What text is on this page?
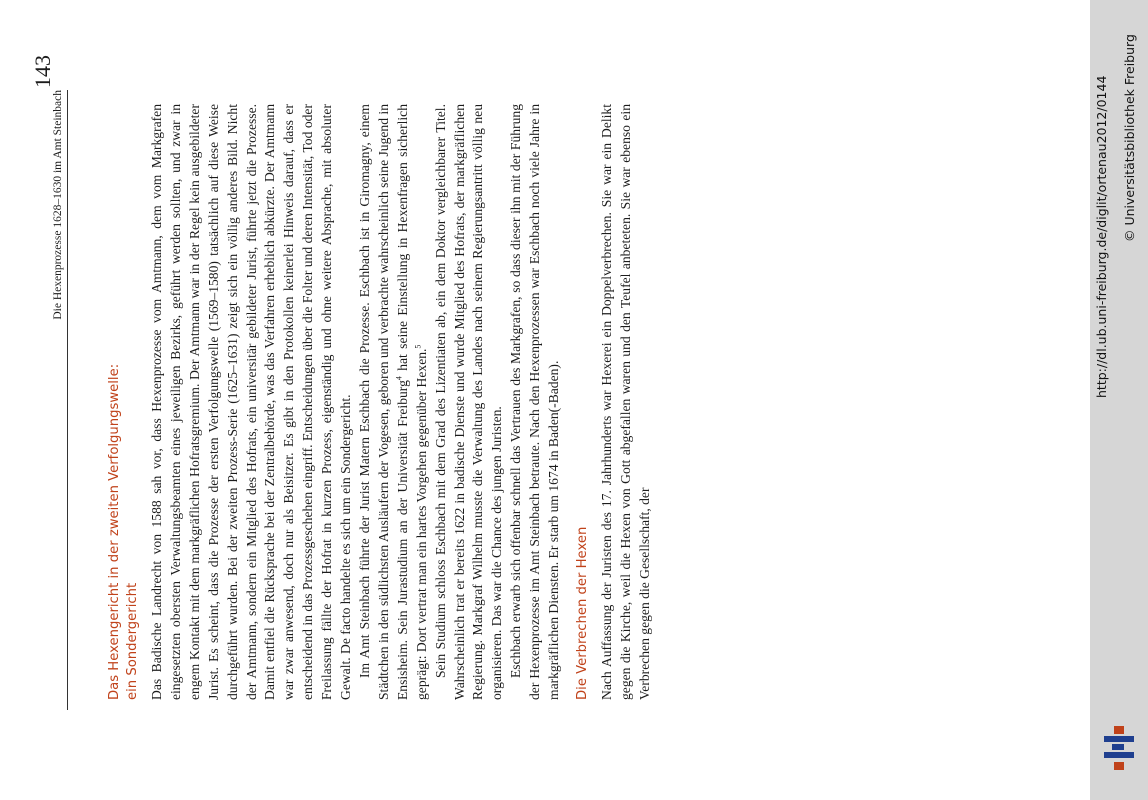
Die Hexenprozesse 1628–1630 im Amt Steinbach
143
Das Hexengericht in der zweiten Verfolgungswelle: ein Sondergericht Das Badische Landrecht von 1588 sah vor, dass Hexenprozesse vom Amtmann, dem vom Markgrafen eingesetzten obersten Verwaltungsbeamten eines jeweiligen Bezirks, geführt werden sollten, und zwar in engem Kontakt mit dem markgräflichen Hofratsgremium. Der Amtmann war in der Regel kein ausgebildeter Jurist. Es scheint, dass die Prozesse der ersten Verfolgungswelle (1569–1580) tatsächlich auf diese Weise durchgeführt wurden. Bei der zweiten Prozess-Serie (1625–1631) zeigt sich ein völlig anderes Bild. Nicht der Amtmann, sondern ein Mitglied des Hofrats, ein universitär gebildeter Jurist, führte jetzt die Prozesse. Damit entfiel die Rücksprache bei der Zentralbehörde, was das Verfahren erheblich abkürzte. Der Amtmann war zwar anwesend, doch nur als Beisitzer. Es gibt in den Protokollen keinerlei Hinweis darauf, dass er entscheidend in das Prozessgeschehen eingriff. Entscheidungen über die Folter und deren Intensität, Tod oder Freilassung fällte der Hofrat in kurzen Prozess, eigenständig und ohne weitere Absprache, mit absoluter Gewalt. De facto handelte es sich um ein Sondergericht. Im Amt Steinbach führte der Jurist Matern Eschbach die Prozesse. Eschbach ist in Giromagny, einem Städtchen in den südlichsten Ausläufern der Vogesen, geboren und verbrachte wahrscheinlich seine Jugend in Ensisheim. Sein Jurastudium an der Universität Freiburg$^4$ hat seine Einstellung in Hexenfragen sicherlich geprägt: Dort vertrat man ein hartes Vorgehen gegenüber Hexen.$^5$ Sein Studium schloss Eschbach mit dem Grad des Lizentiaten ab, ein dem Doktor vergleichbarer Titel. Wahrscheinlich trat er bereits 1622 in badische Dienste und wurde Mitglied des Hofrats, der markgräflichen Regierung. Markgraf Wilhelm musste die Verwaltung des Landes nach seinem Regierungsantritt völlig neu organisieren. Das war die Chance des jungen Juristen. Eschbach erwarb sich offenbar schnell das Vertrauen des Markgrafen, so dass dieser ihn mit der Führung der Hexenprozesse im Amt Steinbach betraute. Nach den Hexenprozessen war Eschbach noch viele Jahre in markgräflichen Diensten. Er starb um 1674 in Baden(-Baden). Die Verbrechen der Hexen Nach Auffassung der Juristen des 17. Jahrhunderts war Hexerei ein Doppelverbrechen. Sie war ein Delikt gegen die Kirche, weil die Hexen von Gott abgefallen waren und den Teufel anbeteten. Sie war ebenso ein Verbrechen gegen die Gesellschaft, der

http://dl.ub.uni-freiburg.de/diglit/ortenau2012/0144 © Universitätsbibliothek Freiburg
